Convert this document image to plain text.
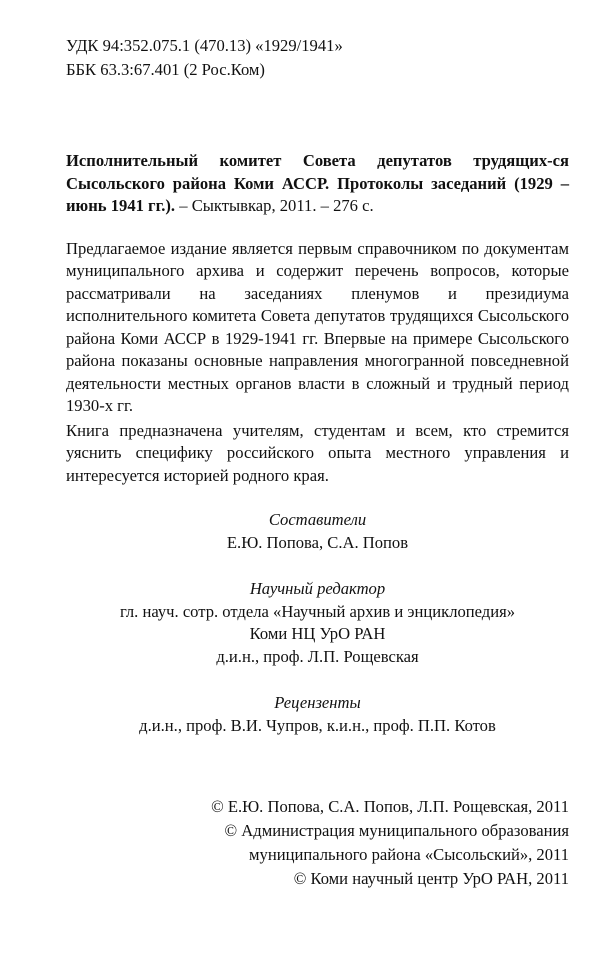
УДК 94:352.075.1 (470.13) «1929/1941»
ББК 63.3:67.401 (2 Рос.Ком)
Исполнительный комитет Совета депутатов трудящих-ся Сысольского района Коми АССР. Протоколы заседаний (1929 – июнь 1941 гг.). – Сыктывкар, 2011. – 276 с.

Предлагаемое издание является первым справочником по документам муниципального архива и содержит перечень вопросов, которые рассматривали на заседаниях пленумов и президиума исполнительного комитета Совета депутатов трудящихся Сысольского района Коми АССР в 1929-1941 гг. Впервые на примере Сысольского района показаны основные направления многогранной повседневной деятельности местных органов власти в сложный и трудный период 1930-х гг.

Книга предназначена учителям, студентам и всем, кто стремится уяснить специфику российского опыта местного управления и интересуется историей родного края.

Составители
Е.Ю. Попова, С.А. Попов
Научный редактор
гл. науч. сотр. отдела «Научный архив и энциклопедия»
Коми НЦ УрО РАН
д.и.н., проф. Л.П. Рощевская
Рецензенты
д.и.н., проф. В.И. Чупров, к.и.н., проф. П.П. Котов
© Е.Ю. Попова, С.А. Попов, Л.П. Рощевская, 2011
© Администрация муниципального образования
муниципального района «Сысольский», 2011
© Коми научный центр УрО РАН, 2011
